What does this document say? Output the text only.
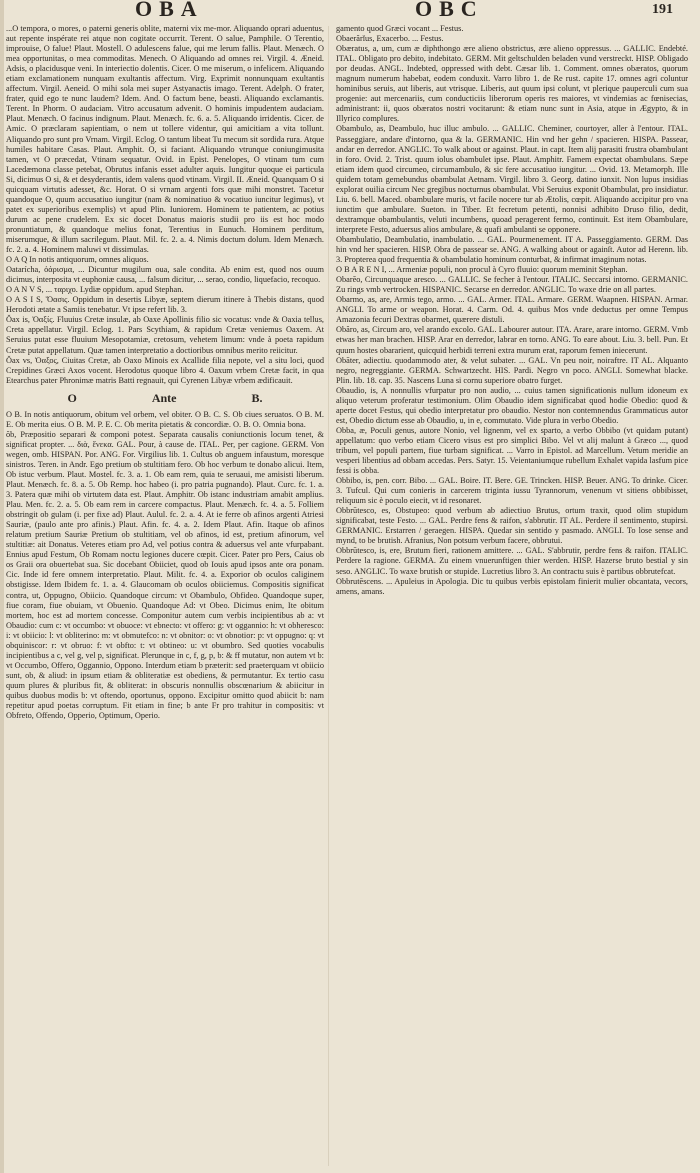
OBA	OBC	191

...O tempora, o mores, o paterni generis oblite, materni vix me-mor. Aliquando oprari aduentus, aut repente inspérate rei atque non cogitate occurrit. Terent. O salue, Pamphile. O Terentio, improuise, O falue! Plaut. Mostell. O adulescens falue, qui me lerum fallis. Plaut. Menæch. O mea opportunitas, o mea commoditas. Menech. O Aliquando ad omnes rei. Virgil. 4. Æneid. Adsis, o placidusque veni. In interiectio dolentis. Cicer. O me miserum, o infelicem. Aliquando etiam exclamationem nunquam exultantis affectum. Virg. Exprimit nonnunquam exultantis affectum. Virgil. Aeneid. O mihi sola mei super Astyanactis imago. Terent. Adelph. O frater, frater, quid ego te nunc laudem? Idem. And. O factum bene, beasti. Aliquando exclamantis. Terent. In Phorm. O audaciam. Vitro accusatum advenit. O hominis impudentem audaciam. Plaut. Menæch. O facinus indignum. Plaut. Menæch. fc. 6. a. 5. Aliquando irridentis. Cicer. de Amic. O præclaram sapientiam, o nem ut tollere videntur, qui amicitiam a vita tollunt. Aliquando pro sunt pro Vrnam. Virgil. Eclog. O tantum libeat Tu mecum sit sordida rura. Atque humiles habitare Casas. Plaut. Amphit. O, si faciant. Aliquando vtrunque coniungimusita tamen, vt O præcedat, Vtinam sequatur. Ovid. in Epist. Penelopes, O vtinam tum cum Lacedæmona classe petebat, Obrutus infanis esset adulter aquis. Iungitur quoque ei particula Si, dicimus O si, & et desyderantis, idem valens quod vtinam. Virgil. II. Æneid. Quanquam O si quicquam virtutis adesset, &c. Horat. O si vrnam argenti fors quæ mihi monstret. Tacetur quandoque O, quum accusatiuo iungitur (nam & nominatiuo & vocatiuo iuncitur legimus), vt patet ex superioribus exemplis) vt apud Plin. Iuniorem. Hominem te patientem, ac potius durum ac pene crudelem. Ex sic docet Donatus maioris studii pro iis est hoc modo pronuntiatum, & quandoque melius fonat, Terentius in Eunuch. Hominem perditum, miserumque, & illum sacrilegum. Plaut. Mil. fc. 2. a. 4. Nimis doctum dolum. Idem Menæch. fc. 2. a. 4. Hominem maluwi vt dissimulas.

O A Q In notis antiquorum, omnes aliquos.

Oatarícha, ὀάρισμα, ... Dicuntur mugilum oua, sale condita. Ab enim est, quod nos ouum dicimus, interposita vt euphoniæ causa, ... falsum dicitur, ... serao, condio, liquefacio, recoquo.

O A N V S, ... ταριχο. Lydiæ oppidum. apud Stephan.

O A S I S, Ὄασις. Oppidum in desertis Libyæ, septem dierum itinere à Thebis distans, quod Herodoti ætate a Samiis tenebatur. Vt ipse refert lib. 3.

Ŏax is, Ὀαξίς. Fluuius Cretæ insulæ, ab Oaxe Apollinis filio sic vocatus: vnde & Oaxia tellus, Creta appellatur. Virgil. Eclog. 1. Pars Scythiam, & rapidum Cretæ veniemus Oaxem. At Seruius putat esse fluuium Mesopotamiæ, cretosum, vehetem limum: vnde à poeta rapidum Cretæ putat appellatum. Quæ tamen interpretatio a doctioribus omnibus merito reiicitur.

Ŏax vs, Ὀαξος, Ciuitas Cretæ, ab Oaxo Minois ex Acallide filia nepote, vel a situ loci, quod Crepidines Græci Axos vocent. Herodotus quoque libro 4. Oaxum vrbem Cretæ facit, in qua Etearchus pater Phronimæ matris Batti regnauit, qui Cyrenen Libyæ vrbem ædificauit.

O	Ante	B.

O B. In notis antiquorum, obitum vel orbem, vel obiter. O B. C. S. Ob ciues seruatos. O B. M. E. Ob merita eius. O B. M. P. E. C. Ob merita pietatis & concordiæ. O. B. O. Omnia bona.

ŏb, Præpositio separari & componi potest. Separata causalis coniunctionis locum tenet, & significat propter. ... διὰ, ἕνεκα. GAL. Pour, à cause de. ITAL. Per, per cagione. GERM. Von wegen, omb. HISPAN. Por. ANG. For. Virgilius lib. 1. Cultus ob anguem infaustum, moresque sinistros. Teren. in Andr. Ego pretium ob stultitiam fero. Ob hoc verbum te donabo alicui. Item, Ob istuc verbum. Plaut. Mostel. fc. 3. a. 1. Ob eam rem, quia te seruaui, me amisisti liberum. Plaut. Menæch. fc. 8. a. 5. Ob Remp. hoc habeo (i. pro patria pugnando). Plaut. Curc. fc. 1. a. 3. Patera quæ mihi ob virtutem data est. Plaut. Amphitr. Ob istanc industriam amabit amplius. Plau. Men. fc. 2. a. 5. Ob eam rem in carcere compactus. Plaut. Menæch. fc. 4. a. 5. Folliem obstringit ob gulam (i. per fixe ad) Plaut. Aulul. fc. 2. a. 4. At ie ferre ob afinos argenti Atriesi Sauriæ, (paulo ante pro afinis.) Plaut. Afin. fc. 4. a. 2. Idem Plaut. Afin. Itaque ob afinos relatum pretium Sauriæ Pretium ob stultitiam, vel ob afinos, id est, pretium afinorum, vel stultitiæ: ait Donatus. Veteres etiam pro Ad, vel potius contra & aduersus vel ante vfurpabant. Ennius apud Festum, Ob Romam noctu legiones ducere cœpit. Cicer. Pater pro Pers, Caius ob os Graii ora obuertebat sua. Sic docebant Obiiciet, quod ob Iouis apud ipsos ante ora ponam. Cic. Inde id fere omnem interpretatio. Plaut. Milit. fc. 4. a. Exporior ob oculos caliginem obstigisse. Idem Ibidem fc. 1. a. 4. Glaucomam ob oculos obiiciemus. Compositis significat contra, ut, Oppugno, Obiicio. Quandoque circum: vt Obambulo, Obfideo. Quandoque super, fiue coram, fiue obuiam, vt Obuenio. Quandoque Ad: vt Obeo. Dicimus enim, Ite obitum mortem, hoc est ad mortem concesse. Componitur autem cum verbis incipientibus ab a: vt Obaudio: cum c: vt occumbo: vt obuoce: vt ebnecto: vt offero: g: vt oggannio: h: vt obheresco: i: vt obiicio: l: vt obliterino: m: vt obmutefco: n: vt obnitor: o: vt obnotior: p: vt oppugno: q: vt obquiniscor: r: vt obruo: f: vt obfto: t: vt obtineo: u: vt obumbro. Sed quoties vocabulis incipientibus a c, vel g, vel p, significat. Plerunque in c, f, g, p, b: & ff mutatur, non autem vt b: vt Occumbo, Offero, Oggannio, Oppono. Interdum etiam b præterit: sed praeterquam vt obiicio sunt, ob, & aliud: in ipsum etiam & obliteratiæ est obediens, & permutantur. Ex tertio casu quum plures & pluribus fit, & obliterat: in obscuris nonnullis obscœnarium & abiicitur in quibus duobus modis b: vt oftendo, oportunus, oppono. Excipitur omitto quod abiicit b: nam repetitur apud poetas corruptum. Fit etiam in fine; b ante Fr pro trahitur in compositis: vt Obfreto, Offendo, Opperio, Optimum, Operio.

gamento quod Græci vocant ... Festus.

Obaerărĭus, Exacerbo. ... Festus.

Obæratus, a, um, cum æ diphthongo ære alieno obstrictus, ære alieno oppressus. ... GALLIC. Endebté. ITAL. Obligato pro debito, indebitato. GERM. Mit geltschulden beladen vund verstreckt. HISP. Obligado por deudas. ANGL. Indebted, oppressed with debt. Cæsar lib. 1. Comment. omnes obæratos, quorum magnum numerum habebat, eodem conduxit. Varro libro 1. de Re rust. capite 17. omnes agri coluntur hominibus seruis, aut liberis, aut vtrisque. Liberis, aut quum ipsi colunt, vt plerique pauperculi cum sua progenie: aut mercenariis, cum conducticiis liberorum operis res maiores, vt vindemias ac fœnisecias, administrant: ii, quos obæratos nostri vocitarunt: & etiam nunc sunt in Asia, atque in Ægypto, & in Illyrico complures.

Obambulo, as, Deambulo, huc illuc ambulo. ... GALLIC. Cheminer, courtoyer, aller à l'entour. ITAL. Passeggiare, andare d'intorno, qua & la. GERMANIC. Hin vnd her gehn / spacieren. HISPA. Passear, andar en derredor. ANGLIC. To walk about or against. Plaut. in capt. Item alij parasiti frustra obambulant in foro. Ovid. 2. Trist. quum iolus obambulet ipse. Plaut. Amphitr. Famem expectat obambulans. Sæpe etiam idem quod circumeo, circumambulo, & sic fere accusatiuo iungitur. ... Ovid. 13. Metamorph. Ille quidem totam gemebundus obambulat Aetnam. Virgil. libro 3. Georg. datino iunxit. Non lupus insidias explorat ouilia circum Nec gregibus nocturnus obambulat. Vbi Seruius exponit Obambulat, pro insidiatur. Liu. 6. bell. Maced. obambulare muris, vt facile nocere tur ab Ætolis, cœpit. Aliquando accipitur pro vna iunctim que ambulare. Sueton. in Tiber. Et fecretum petenti, nonnisi adhibito Druso filio, dedit, dextramque obambulantis, veluti incumbens, quoad peragerent fermo, continuit. Est item Obambulare, interprete Festo, aduersus alios ambulare, & quafi ambulanti se opponere.

Obambulatio, Deambulatio, inambulatio. ... GAL. Pourmenement. IT A. Passeggiamento. GERM. Das hin vnd her spacieren. HISP. Obra de passear se. ANG. A walking about or againſt. Autor ad Herenn. lib. 3. Propterea quod frequentia & obambulatio hominum conturbat, & infirmat imaginum notas.

O B A R E N I, ... Armeniæ populi, non procul à Cyro fluuio: quorum meminit Stephan.

Obarĕo, Circunquaque aresco. ... GALLIC. Se fecher à l'entour. ITALIC. Seccarsi intorno. GERMANIC. Zu rings vmb vertrocken. HISPANIC. Secarse en derredor. ANGLIC. To waxe drie on all partes.

Obarmo, as, are, Armis tego, armo. ... GAL. Armer. ITAL. Armare. GERM. Waapnen. HISPAN. Armar. ANGLI. To arme or weapon. Horat. 4. Carm. Od. 4. quibus Mos vnde deductus per omne Tempus Amazonia fecuri Dextras obarmet, quærere distuli.

Obăro, as, Circum aro, vel arando excolo. GAL. Labourer autour. ITA. Arare, arare intorno. GERM. Vmb etwas her man brachen. HISP. Arar en derredor, labrar en torno. ANG. To eare about. Liu. 3. bell. Pun. Et quum hostes obararient, quicquid herbidi terreni extra murum erat, raporum femen iniecerunt.

Obāter, adiectiu. quodammodo ater, & velut subater. ... GAL. Vn peu noir, noiraftre. IT AL. Alquanto negro, negreggiante. GERMA. Schwartzecht. HIS. Pardi. Negro vn poco. ANGLI. Somewhat blacke. Plin. lib. 18. cap. 35. Nascens Luna si cornu superiore obatro furget.

Obaudio, is, A nonnullis vfurpatur pro non audio, ... cuius tamen significationis nullum idoneum ex aliquo veterum proferatur testimonium. Olim Obaudio idem significabat quod hodie Obedio: quod & aperte docet Festus, qui obedio interpretatur pro obaudio. Nestor non contemnendus Grammaticus autor est, Obedio dictum esse ab Obaudio, u, in e, commutato. Vide plura in verbo Obedio.

Obba, æ, Poculi genus, autore Nonio, vel lignenm, vel ex sparto, a verbo Obbibo (vt quidam putant) appellatum: quo verbo etiam Cicero visus est pro simplici Bibo. Vel vt alij malunt à Græco ..., quod tribum, vel populi partem, fiue turbam significat. ... Varro in Epistol. ad Marcellum. Vetum meridie an vesperi libentius ad obbam accedas. Pers. Satyr. 15. Veientaniumque rubellum Exhalet vapida lasfum pice fessi is obba.

Obbibo, is, pen. corr. Bibo. ... GAL. Boire. IT. Bere. GE. Trincken. HISP. Beuer. ANG. To drinke. Cicer. 3. Tufcul. Qui cum conieris in carcerem triginta iussu Tyrannorum, venenum vt sitiens obbibisset, reliquum sic è poculo eiecit, vt id resonaret.

Obbrūtesco, es, Obstupeo: quod verbum ab adiectiuo Brutus, ortum traxit, quod olim stupidum significabat, teste Festo. ... GAL. Perdre fens & raifon, s'abbrutir. IT AL. Perdere il sentimento, stupirsi. GERMANIC. Erstarren / geraegen. HISPA. Quedar sin sentido y pasmado. ANGLI. To lose sense and mynd, to be brutish. Afranius, Non potsum verbum facere, obbrutui.

Obbrūtesco, is, ere, Brutum fieri, rationem amittere. ... GAL. S'abbrutir, perdre fens & raifon. ITALIC. Perdere la ragione. GERMA. Zu einem vnuerunftigen thier werden. HISP. Hazerse bruto bestial y sin seso. ANGLIC. To waxe brutish or stupide. Lucretius libro 3. An contractu suis è partibus obbrutefcat.

Obbrutēscens. ... Apuleius in Apologia. Dic tu quibus verbis epistolam finierit mulier obcantata, vecors, amens, amans.
